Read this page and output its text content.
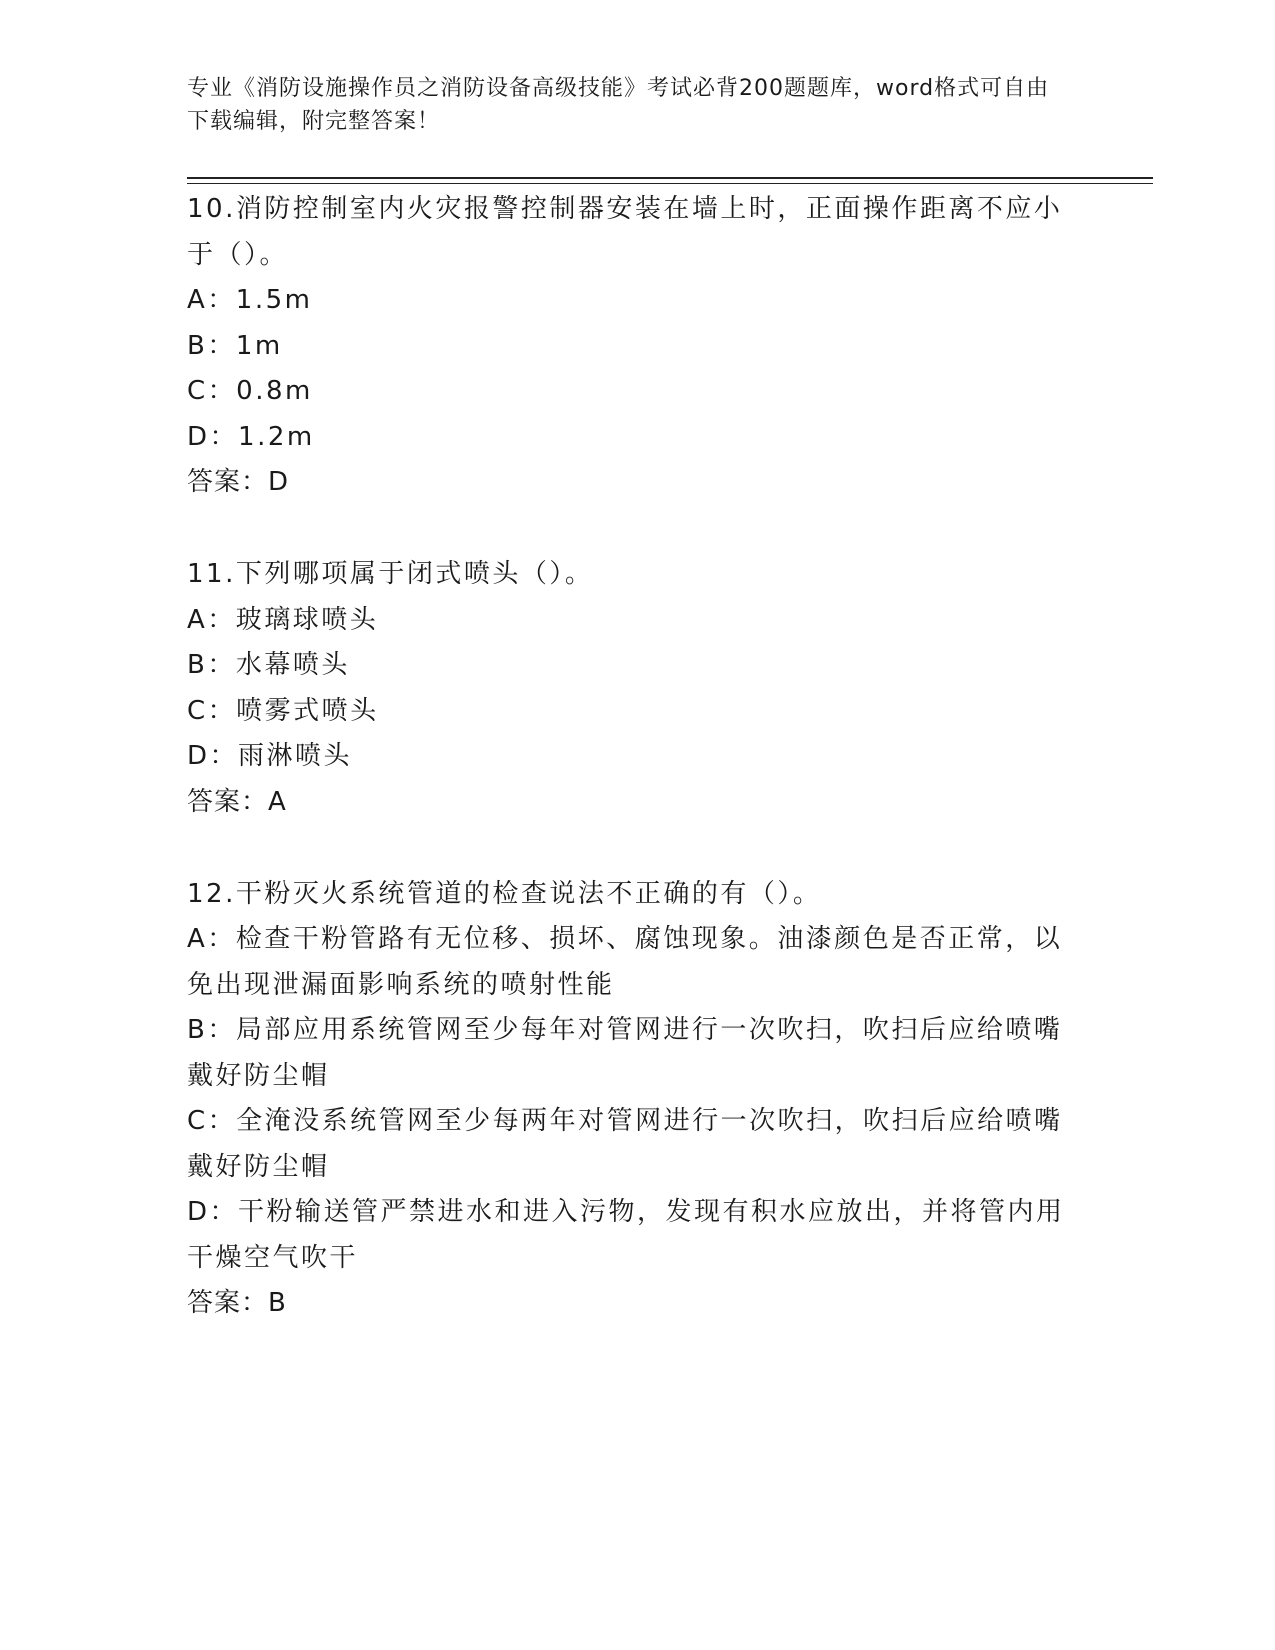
专业《消防设施操作员之消防设备高级技能》考试必背200题题库，word格式可自由下载编辑，附完整答案！
10.消防控制室内火灾报警控制器安装在墙上时，正面操作距离不应小于（）。
A：1.5m
B：1m
C：0.8m
D：1.2m
答案：D
11.下列哪项属于闭式喷头（）。
A：玻璃球喷头
B：水幕喷头
C：喷雾式喷头
D：雨淋喷头
答案：A
12.干粉灭火系统管道的检查说法不正确的有（）。
A：检查干粉管路有无位移、损坏、腐蚀现象。油漆颜色是否正常，以免出现泄漏面影响系统的喷射性能
B：局部应用系统管网至少每年对管网进行一次吹扫，吹扫后应给喷嘴戴好防尘帽
C：全淹没系统管网至少每两年对管网进行一次吹扫，吹扫后应给喷嘴戴好防尘帽
D：干粉输送管严禁进水和进入污物，发现有积水应放出，并将管内用干燥空气吹干
答案：B
